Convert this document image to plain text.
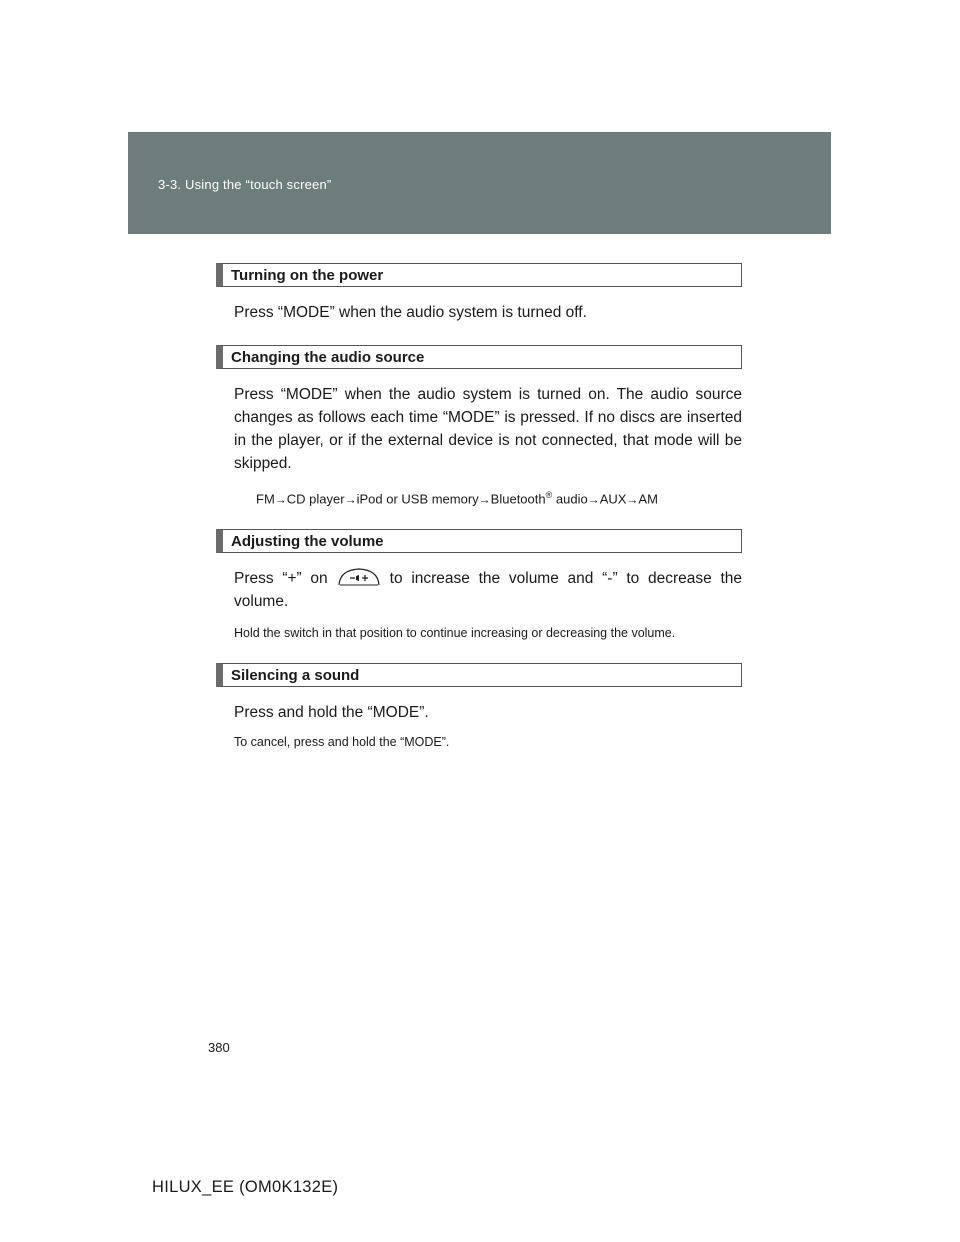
3-3. Using the “touch screen”
Turning on the power

Press “MODE” when the audio system is turned off.

Changing the audio source

Press “MODE” when the audio system is turned on. The audio source changes as follows each time “MODE” is pressed. If no discs are inserted in the player, or if the external device is not connected, that mode will be skipped.

FM→CD player→iPod or USB memory→Bluetooth® audio→AUX→AM

Adjusting the volume

Press “+” on	to increase the volume and “-” to decrease the volume.

Hold the switch in that position to continue increasing or decreasing the volume.

Silencing a sound

Press and hold the “MODE”.

To cancel, press and hold the “MODE”.

380
HILUX_EE (OM0K132E)
